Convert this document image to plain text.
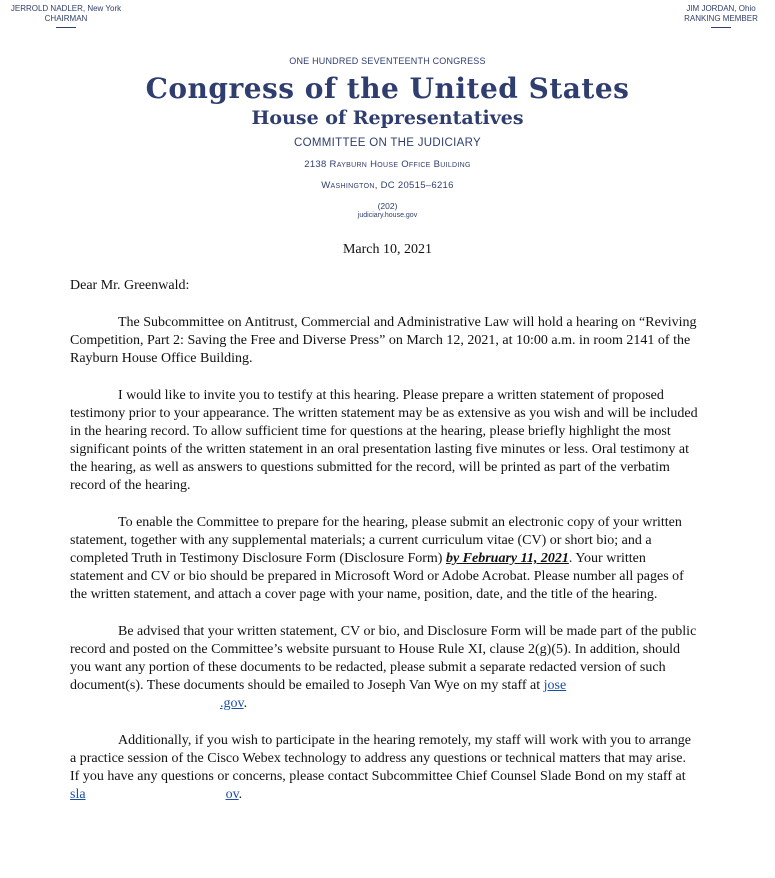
JERROLD NADLER, New York
CHAIRMAN
JIM JORDAN, Ohio
RANKING MEMBER
ONE HUNDRED SEVENTEENTH CONGRESS
Congress of the United States
House of Representatives
COMMITTEE ON THE JUDICIARY
2138 Rayburn House Office Building
Washington, DC 20515–6216
(202)
judiciary.house.gov
March 10, 2021

Dear Mr. Greenwald:

The Subcommittee on Antitrust, Commercial and Administrative Law will hold a hearing on “Reviving Competition, Part 2: Saving the Free and Diverse Press” on March 12, 2021, at 10:00 a.m. in room 2141 of the Rayburn House Office Building.

I would like to invite you to testify at this hearing. Please prepare a written statement of proposed testimony prior to your appearance. The written statement may be as extensive as you wish and will be included in the hearing record. To allow sufficient time for questions at the hearing, please briefly highlight the most significant points of the written statement in an oral presentation lasting five minutes or less. Oral testimony at the hearing, as well as answers to questions submitted for the record, will be printed as part of the verbatim record of the hearing.

To enable the Committee to prepare for the hearing, please submit an electronic copy of your written statement, together with any supplemental materials; a current curriculum vitae (CV) or short bio; and a completed Truth in Testimony Disclosure Form (Disclosure Form) by February 11, 2021. Your written statement and CV or bio should be prepared in Microsoft Word or Adobe Acrobat. Please number all pages of the written statement, and attach a cover page with your name, position, date, and the title of the hearing.

Be advised that your written statement, CV or bio, and Disclosure Form will be made part of the public record and posted on the Committee’s website pursuant to House Rule XI, clause 2(g)(5). In addition, should you want any portion of these documents to be redacted, please submit a separate redacted version of such document(s). These documents should be emailed to Joseph Van Wye on my staff at jose.gov.

Additionally, if you wish to participate in the hearing remotely, my staff will work with you to arrange a practice session of the Cisco Webex technology to address any questions or technical matters that may arise. If you have any questions or concerns, please contact Subcommittee Chief Counsel Slade Bond on my staff at sla	ov.
